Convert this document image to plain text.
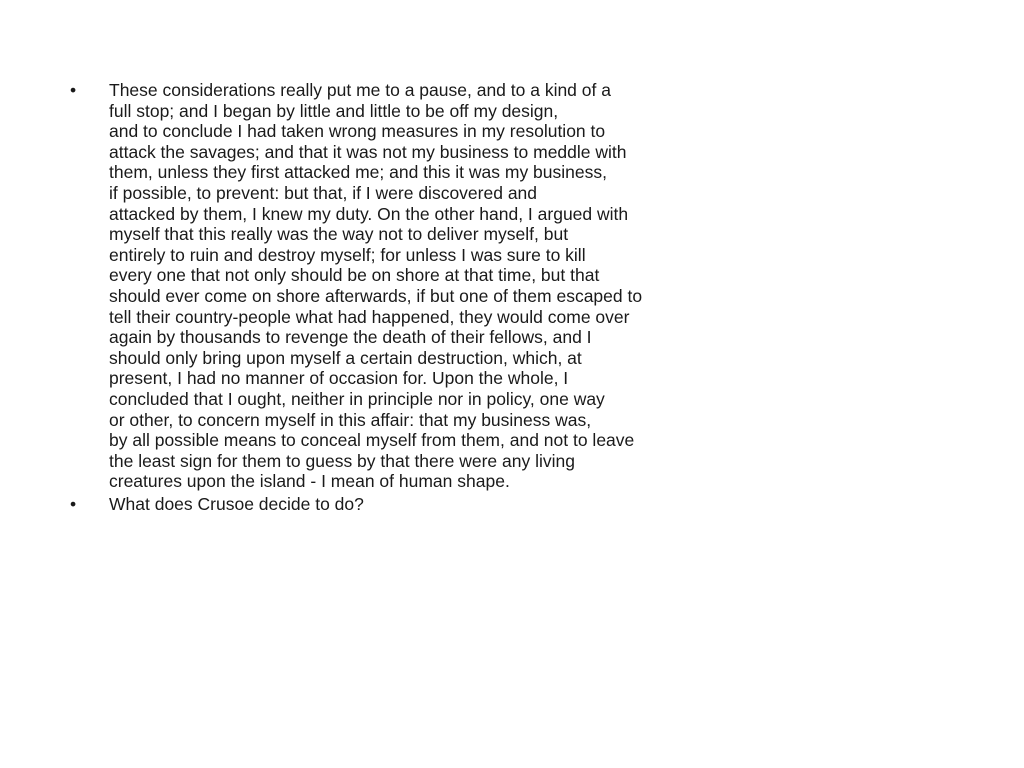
•	These considerations really put me to a pause, and to a kind of a
full stop; and I began by little and little to be off my design,
and to conclude I had taken wrong measures in my resolution to
attack the savages; and that it was not my business to meddle with
them, unless they first attacked me; and this it was my business,
if possible, to prevent: but that, if I were discovered and
attacked by them, I knew my duty. On the other hand, I argued with
myself that this really was the way not to deliver myself, but
entirely to ruin and destroy myself; for unless I was sure to kill
every one that not only should be on shore at that time, but that
should ever come on shore afterwards, if but one of them escaped to
tell their country-people what had happened, they would come over
again by thousands to revenge the death of their fellows, and I
should only bring upon myself a certain destruction, which, at
present, I had no manner of occasion for. Upon the whole, I
concluded that I ought, neither in principle nor in policy, one way
or other, to concern myself in this affair: that my business was,
by all possible means to conceal myself from them, and not to leave
the least sign for them to guess by that there were any living
creatures upon the island - I mean of human shape.
•	What does Crusoe decide to do?
